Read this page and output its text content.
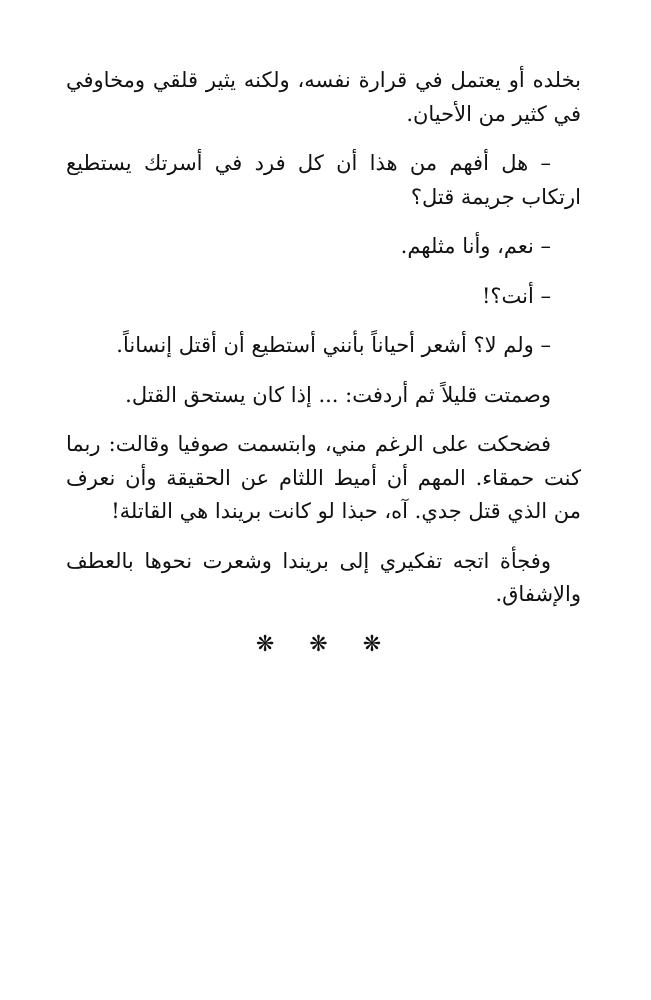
بخلده أو يعتمل في قرارة نفسه، ولكنه يثير قلقي ومخاوفي في كثير من الأحيان.

– هل أفهم من هذا أن كل فرد في أسرتك يستطيع ارتكاب جريمة قتل؟

– نعم، وأنا مثلهم.

– أنت؟!

– ولم لا؟ أشعر أحياناً بأنني أستطيع أن أقتل إنساناً.

وصمتت قليلاً ثم أردفت: ... إذا كان يستحق القتل.

فضحكت على الرغم مني، وابتسمت صوفيا وقالت: ربما كنت حمقاء. المهم أن أميط اللثام عن الحقيقة وأن نعرف من الذي قتل جدي. آه، حبذا لو كانت بريندا هي القاتلة!

وفجأة اتجه تفكيري إلى بريندا وشعرت نحوها بالعطف والإشفاق.

❋ ❋ ❋
